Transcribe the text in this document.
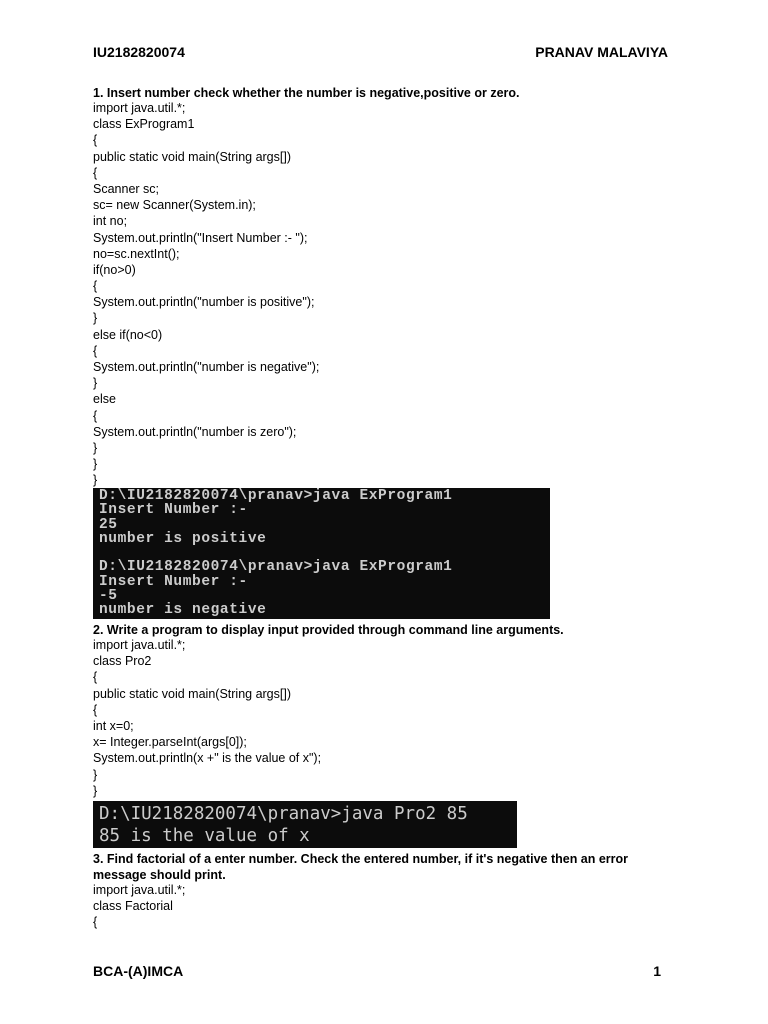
IU2182820074	PRANAV MALAVIYA
1. Insert number check whether the number is negative,positive or zero.
import java.util.*;
class ExProgram1
{
public static void main(String args[])
{
Scanner sc;
sc= new Scanner(System.in);
int no;
System.out.println("Insert Number :- ");
no=sc.nextInt();
if(no>0)
{
System.out.println("number is positive");
}
else if(no<0)
{
System.out.println("number is negative");
}
else
{
System.out.println("number is zero");
}
}
}
D:\IU2182820074\pranav>java ExProgram1
Insert Number :-
25
number is positive
D:\IU2182820074\pranav>java ExProgram1
Insert Number :-
-5
number is negative
2. Write a program to display input provided through command line arguments.
import java.util.*;
class Pro2
{
public static void main(String args[])
{
int x=0;
x= Integer.parseInt(args[0]);
System.out.println(x +" is the value of x");
}
}
D:\IU2182820074\pranav>java Pro2 85
85 is the value of x
3. Find factorial of a enter number. Check the entered number, if it's negative then an error
message should print.
import java.util.*;
class Factorial
{
BCA-(A)IMCA	1
